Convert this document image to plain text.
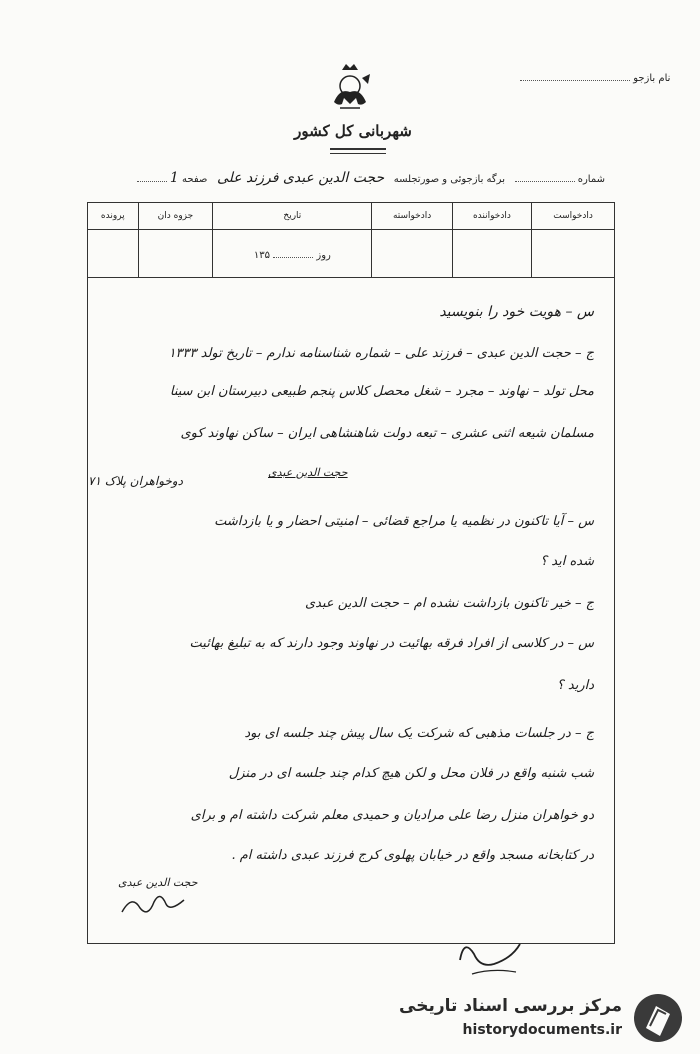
نام بازجو
شهربانی کل کشور
شماره    برگه بازجوئی و صورتجلسه   حجت الدین عبدی فرزند علی   صفحه 1
دادخواست	دادخواننده	دادخواسته	تاریخ	جزوه دان	پرونده
			روز  ۱۳۵		
س – هویت خود را بنویسید
ج – حجت الدین عبدی – فرزند علی – شماره شناسنامه ندارم – تاریخ تولد ۱۳۳۳
محل تولد – نهاوند – مجرد – شغل محصل کلاس پنجم طبیعی دبیرستان ابن سینا
مسلمان شیعه اثنی عشری – تبعه دولت شاهنشاهی ایران – ساکن نهاوند کوی
دوخواهران پلاک ۷۱
حجت الدین عبدی
س – آیا تاکنون در نظمیه یا مراجع قضائی – امنیتی احضار و یا بازداشت
شده اید ؟
ج – خیر تاکنون بازداشت نشده ام – حجت الدین عبدی
س – در کلاسی از افراد فرقه بهائیت در نهاوند وجود دارند که به تبلیغ بهائیت
دارید ؟
ج – در جلسات مذهبی که شرکت یک سال پیش چند جلسه ای بود
شب شنبه واقع در فلان محل و لکن هیچ کدام چند جلسه ای در منزل
دو خواهران منزل رضا علی مرادیان و حمیدی معلم شرکت داشته ام و برای
در کتابخانه مسجد واقع در خیابان پهلوی کرج فرزند عبدی داشته ام .
حجت الدین عبدی
مرکز بررسی اسناد تاریخی
historydocuments.ir
